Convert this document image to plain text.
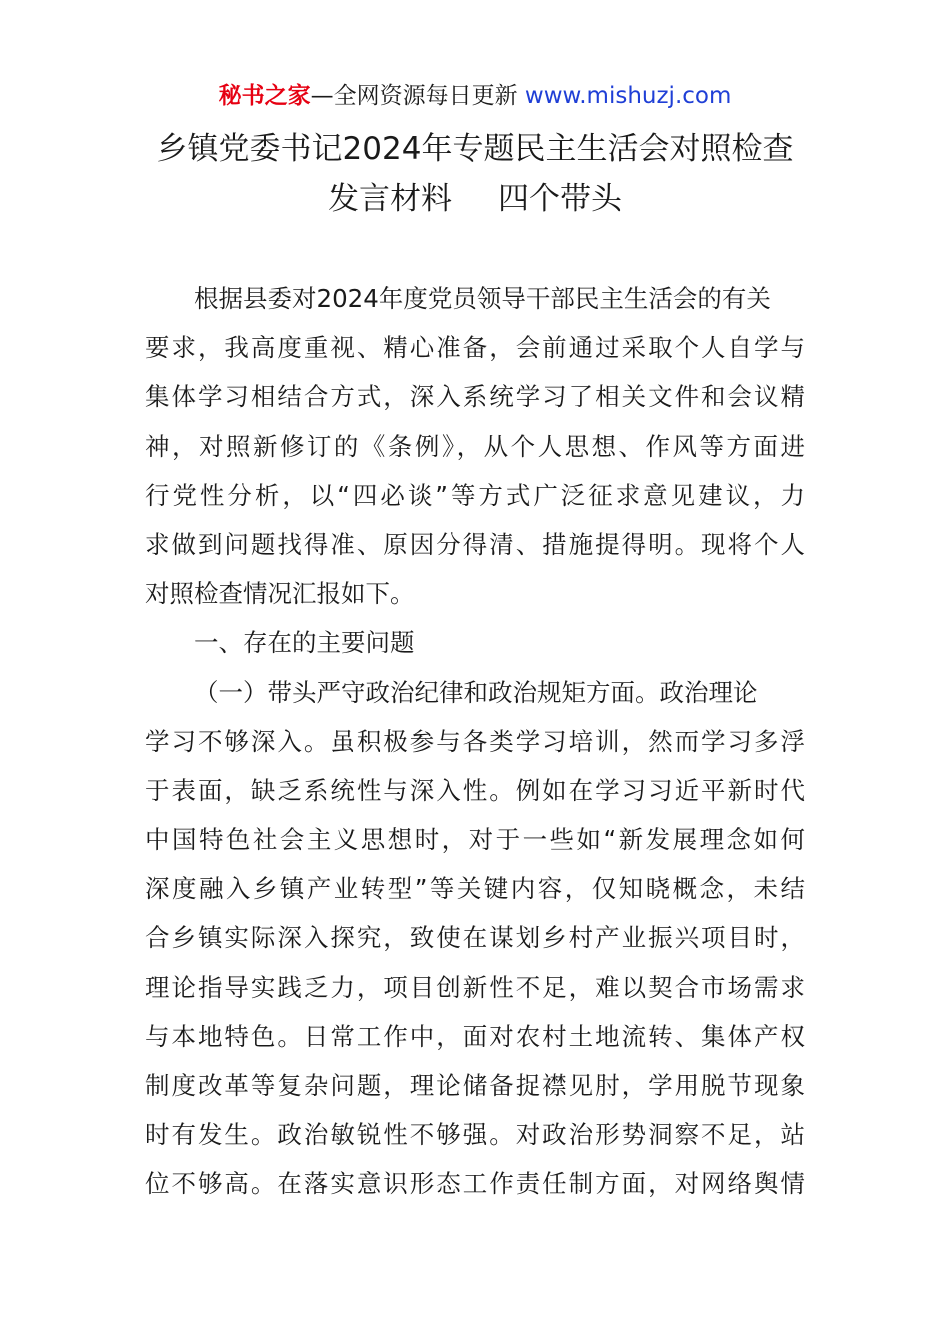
秘书之家—全网资源每日更新 www.mishuzj.com
乡镇党委书记2024年专题民主生活会对照检查
发言材料 四个带头
根据县委对2024年度党员领导干部民主生活会的有关
要求，我高度重视、精心准备，会前通过采取个人自学与
集体学习相结合方式，深入系统学习了相关文件和会议精
神，对照新修订的《条例》，从个人思想、作风等方面进
行党性分析，以“四必谈”等方式广泛征求意见建议，力
求做到问题找得准、原因分得清、措施提得明。现将个人
对照检查情况汇报如下。
一、存在的主要问题
（一）带头严守政治纪律和政治规矩方面。政治理论
学习不够深入。虽积极参与各类学习培训，然而学习多浮
于表面，缺乏系统性与深入性。例如在学习习近平新时代
中国特色社会主义思想时，对于一些如“新发展理念如何
深度融入乡镇产业转型”等关键内容，仅知晓概念，未结
合乡镇实际深入探究，致使在谋划乡村产业振兴项目时，
理论指导实践乏力，项目创新性不足，难以契合市场需求
与本地特色。日常工作中，面对农村土地流转、集体产权
制度改革等复杂问题，理论储备捉襟见肘，学用脱节现象
时有发生。政治敏锐性不够强。对政治形势洞察不足，站
位不够高。在落实意识形态工作责任制方面，对网络舆情
